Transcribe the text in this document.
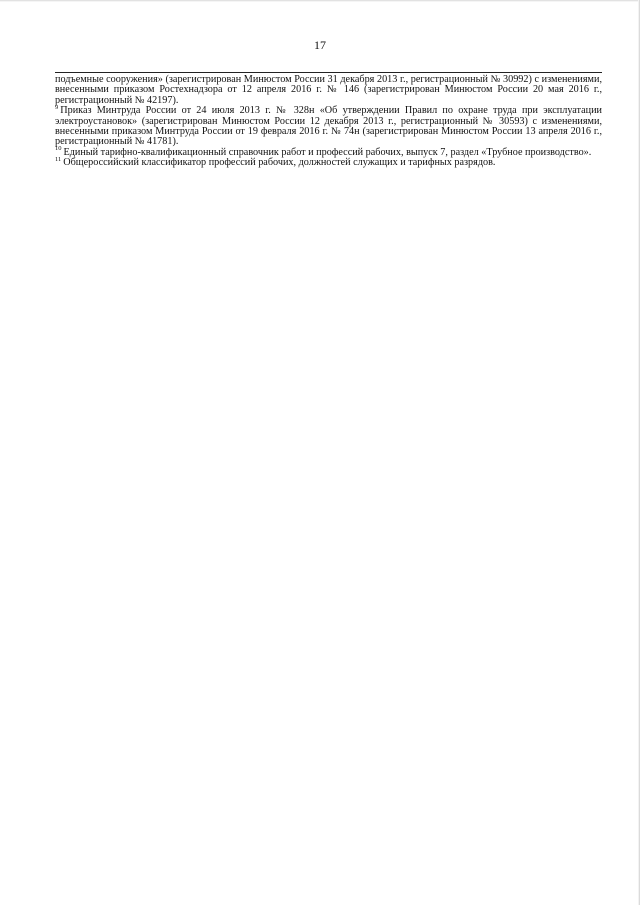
17

подъемные сооружения» (зарегистрирован Минюстом России 31 декабря 2013 г., регистрационный № 30992) с изменениями, внесенными приказом Ростехнадзора от 12 апреля 2016 г. № 146 (зарегистрирован Минюстом России 20 мая 2016 г., регистрационный № 42197).

$^9$ Приказ Минтруда России от 24 июля 2013 г. № 328н «Об утверждении Правил по охране труда при эксплуатации электроустановок» (зарегистрирован Минюстом России 12 декабря 2013 г., регистрационный № 30593) с изменениями, внесенными приказом Минтруда России от 19 февраля 2016 г. № 74н (зарегистрирован Минюстом России 13 апреля 2016 г., регистрационный № 41781).

$^{10}$ Единый тарифно-квалификационный справочник работ и профессий рабочих, выпуск 7, раздел «Трубное производство».

$^{11}$ Общероссийский классификатор профессий рабочих, должностей служащих и тарифных разрядов.
